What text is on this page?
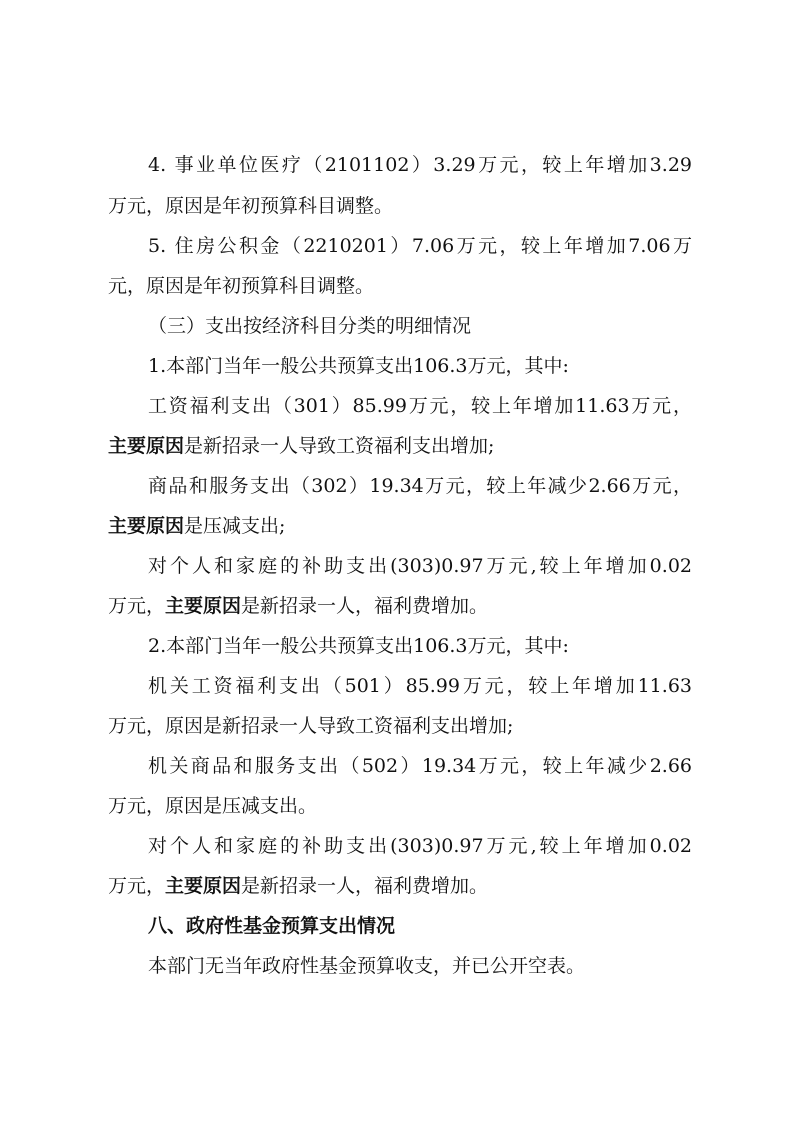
4. 事业单位医疗（2101102）3.29万元，较上年增加3.29
万元，原因是年初预算科目调整。
5. 住房公积金（2210201）7.06万元，较上年增加7.06万
元，原因是年初预算科目调整。
（三）支出按经济科目分类的明细情况
1.本部门当年一般公共预算支出106.3万元，其中:
工资福利支出（301）85.99万元，较上年增加11.63万元，
主要原因是新招录一人导致工资福利支出增加;
商品和服务支出（302）19.34万元，较上年减少2.66万元，
主要原因是压减支出;
对个人和家庭的补助支出(303)0.97万元,较上年增加0.02
万元，主要原因是新招录一人，福利费增加。
2.本部门当年一般公共预算支出106.3万元，其中:
机关工资福利支出（501）85.99万元，较上年增加11.63
万元，原因是新招录一人导致工资福利支出增加;
机关商品和服务支出（502）19.34万元，较上年减少2.66
万元，原因是压减支出。
对个人和家庭的补助支出(303)0.97万元,较上年增加0.02
万元，主要原因是新招录一人，福利费增加。
八、政府性基金预算支出情况
本部门无当年政府性基金预算收支，并已公开空表。
